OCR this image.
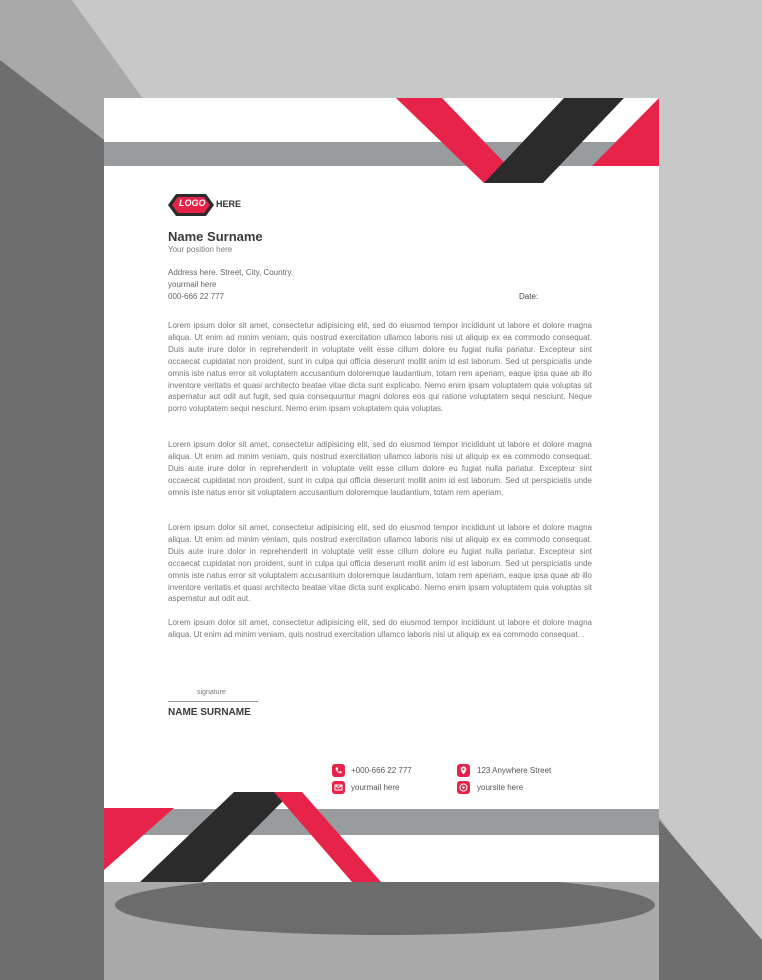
LOGO HERE
Name Surname
Your position here
Address here. Street, City, Country.
yourmail here
000-666 22 777	Date:

Lorem ipsum dolor sit amet, consectetur adipisicing elit, sed do eiusmod tempor incididunt ut labore et dolore magna aliqua. Ut enim ad minim veniam, quis nostrud exercitation ullamco laboris nisi ut aliquip ex ea commodo consequat. Duis aute irure dolor in reprehenderit in voluptate velit esse cillum dolore eu fugiat nulla pariatur. Excepteur sint occaecat cupidatat non proident, sunt in culpa qui officia deserunt mollit anim id est laborum. Sed ut perspiciatis unde omnis iste natus error sit voluptatem accusantium doloremque laudantium, totam rem aperiam, eaque ipsa quae ab illo inventore veritatis et quasi architecto beatae vitae dicta sunt explicabo. Nemo enim ipsam voluptatem quia voluptas sit aspernatur aut odit aut fugit, sed quia consequuntur magni dolores eos qui ratione voluptatem sequi nesciunt. Neque porro voluptatem sequi nesciunt. Nemo enim ipsam voluptatem quia voluptas.

Lorem ipsum dolor sit amet, consectetur adipisicing elit, sed do eiusmod tempor incididunt ut labore et dolore magna aliqua. Ut enim ad minim veniam, quis nostrud exercitation ullamco laboris nisi ut aliquip ex ea commodo consequat. Duis aute irure dolor in reprehenderit in voluptate velit esse cillum dolore eu fugiat nulla pariatur. Excepteur sint occaecat cupidatat non proident, sunt in culpa qui officia deserunt mollit anim id est laborum. Sed ut perspiciatis unde omnis iste natus error sit voluptatem accusantium doloremque laudantium, totam rem aperiam,

Lorem ipsum dolor sit amet, consectetur adipisicing elit, sed do eiusmod tempor incididunt ut labore et dolore magna aliqua. Ut enim ad minim veniam, quis nostrud exercitation ullamco laboris nisi ut aliquip ex ea commodo consequat. Duis aute irure dolor in reprehenderit in voluptate velit esse cillum dolore eu fugiat nulla pariatur. Excepteur sint occaecat cupidatat non proident, sunt in culpa qui officia deserunt mollit anim id est laborum. Sed ut perspiciatis unde omnis iste natus error sit voluptatem accusantium doloremque laudantium, totam rem aperiam, eaque ipsa quae ab illo inventore veritatis et quasi architecto beatae vitae dicta sunt explicabo. Nemo enim ipsam voluptatem quia voluptas sit aspernatur aut odit aut.

Lorem ipsum dolor sit amet, consectetur adipisicing elit, sed do eiusmod tempor incididunt ut labore et dolore magna aliqua. Ut enim ad minim veniam, quis nostrud exercitation ullamco laboris nisi ut aliquip ex ea commodo consequat. .

signature
NAME SURNAME
+000-666 22 777
yourmail here
123 Anywhere Street
yoursite here
